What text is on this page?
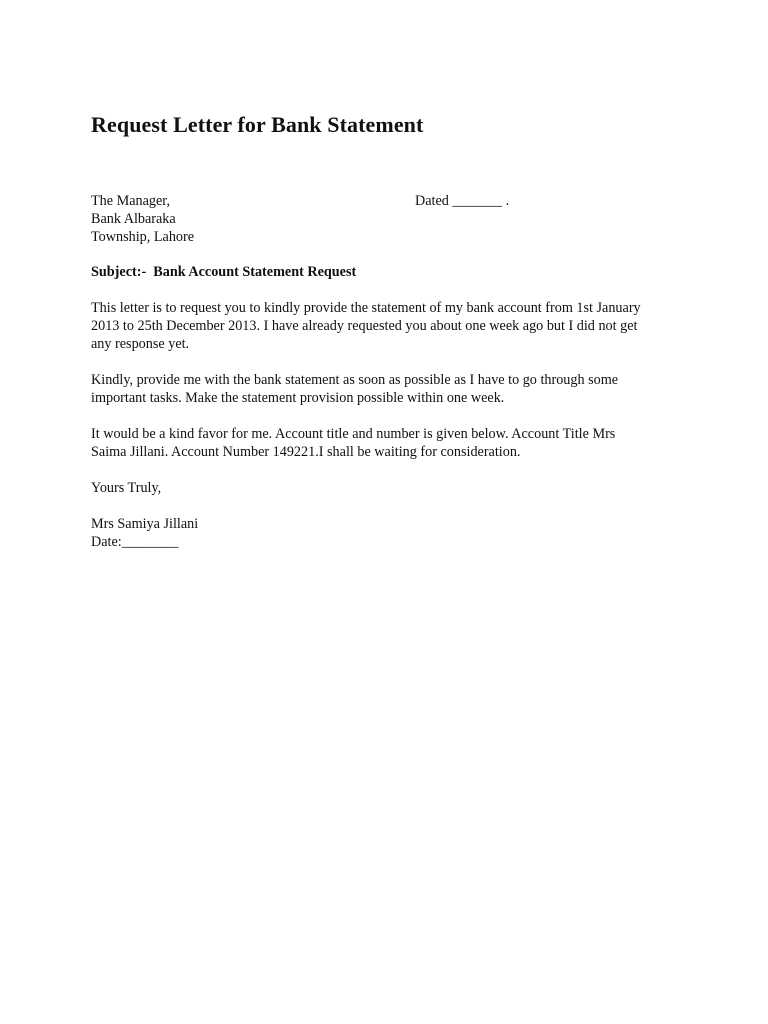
Request Letter for Bank Statement
The Manager,	Dated _______ .
Bank Albaraka
Township, Lahore
Subject:- Bank Account Statement Request
This letter is to request you to kindly provide the statement of my bank account from 1st January
2013 to 25th December 2013. I have already requested you about one week ago but I did not get
any response yet.
Kindly, provide me with the bank statement as soon as possible as I have to go through some
important tasks. Make the statement provision possible within one week.
It would be a kind favor for me. Account title and number is given below. Account Title Mrs
Saima Jillani. Account Number 149221.I shall be waiting for consideration.
Yours Truly,
Mrs Samiya Jillani
Date:________
